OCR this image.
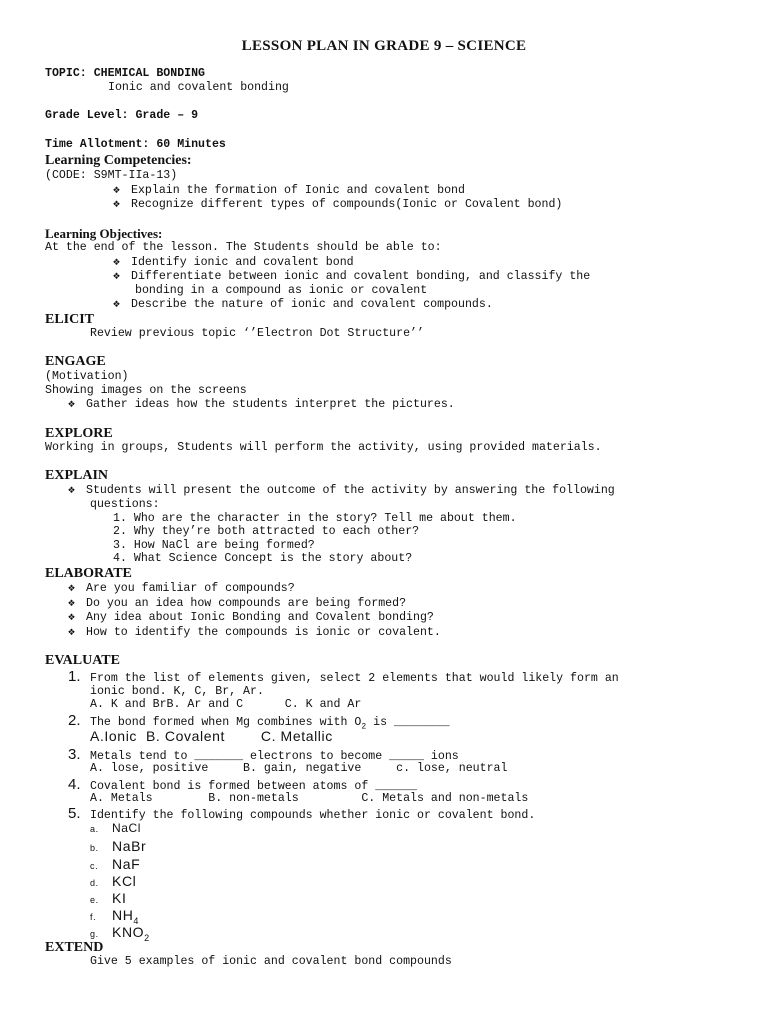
LESSON PLAN IN GRADE 9 – SCIENCE
TOPIC: CHEMICAL BONDING
Ionic and covalent bonding
Grade Level: Grade – 9
Time Allotment: 60 Minutes
Learning Competencies:
(CODE: S9MT-IIa-13)
❖ Explain the formation of Ionic and covalent bond
❖ Recognize different types of compounds(Ionic or Covalent bond)
Learning Objectives:
At the end of the lesson. The Students should be able to:
❖ Identify ionic and covalent bond
❖ Differentiate between ionic and covalent bonding, and classify the
bonding in a compound as ionic or covalent
❖ Describe the nature of ionic and covalent compounds.
ELICIT
Review previous topic ‘’Electron Dot Structure’’
ENGAGE
(Motivation)
Showing images on the screens
❖ Gather ideas how the students interpret the pictures.
EXPLORE
Working in groups, Students will perform the activity, using provided materials.
EXPLAIN
❖ Students will present the outcome of the activity by answering the following
questions:
1. Who are the character in the story? Tell me about them.
2. Why they’re both attracted to each other?
3. How NaCl are being formed?
4. What Science Concept is the story about?
ELABORATE
❖ Are you familiar of compounds?
❖ Do you an idea how compounds are being formed?
❖ Any idea about Ionic Bonding and Covalent bonding?
❖ How to identify the compounds is ionic or covalent.
EVALUATE
1. From the list of elements given, select 2 elements that would likely form an
ionic bond. K, C, Br, Ar.
A. K and BrB. Ar and C      C. K and Ar
2. The bond formed when Mg combines with $O_2$ is ________
A.Ionic  B. Covalent        C. Metallic
3. Metals tend to _______ electrons to become _____ ions
A. lose, positive     B. gain, negative     c. lose, neutral
4. Covalent bond is formed between atoms of ______
A. Metals        B. non-metals         C. Metals and non-metals
5. Identify the following compounds whether ionic or covalent bond.
a. NaCl
b. NaBr
c. NaF
d. KCl
e. KI
f. $NH_4$
g. $KNO_2$
EXTEND
Give 5 examples of ionic and covalent bond compounds
